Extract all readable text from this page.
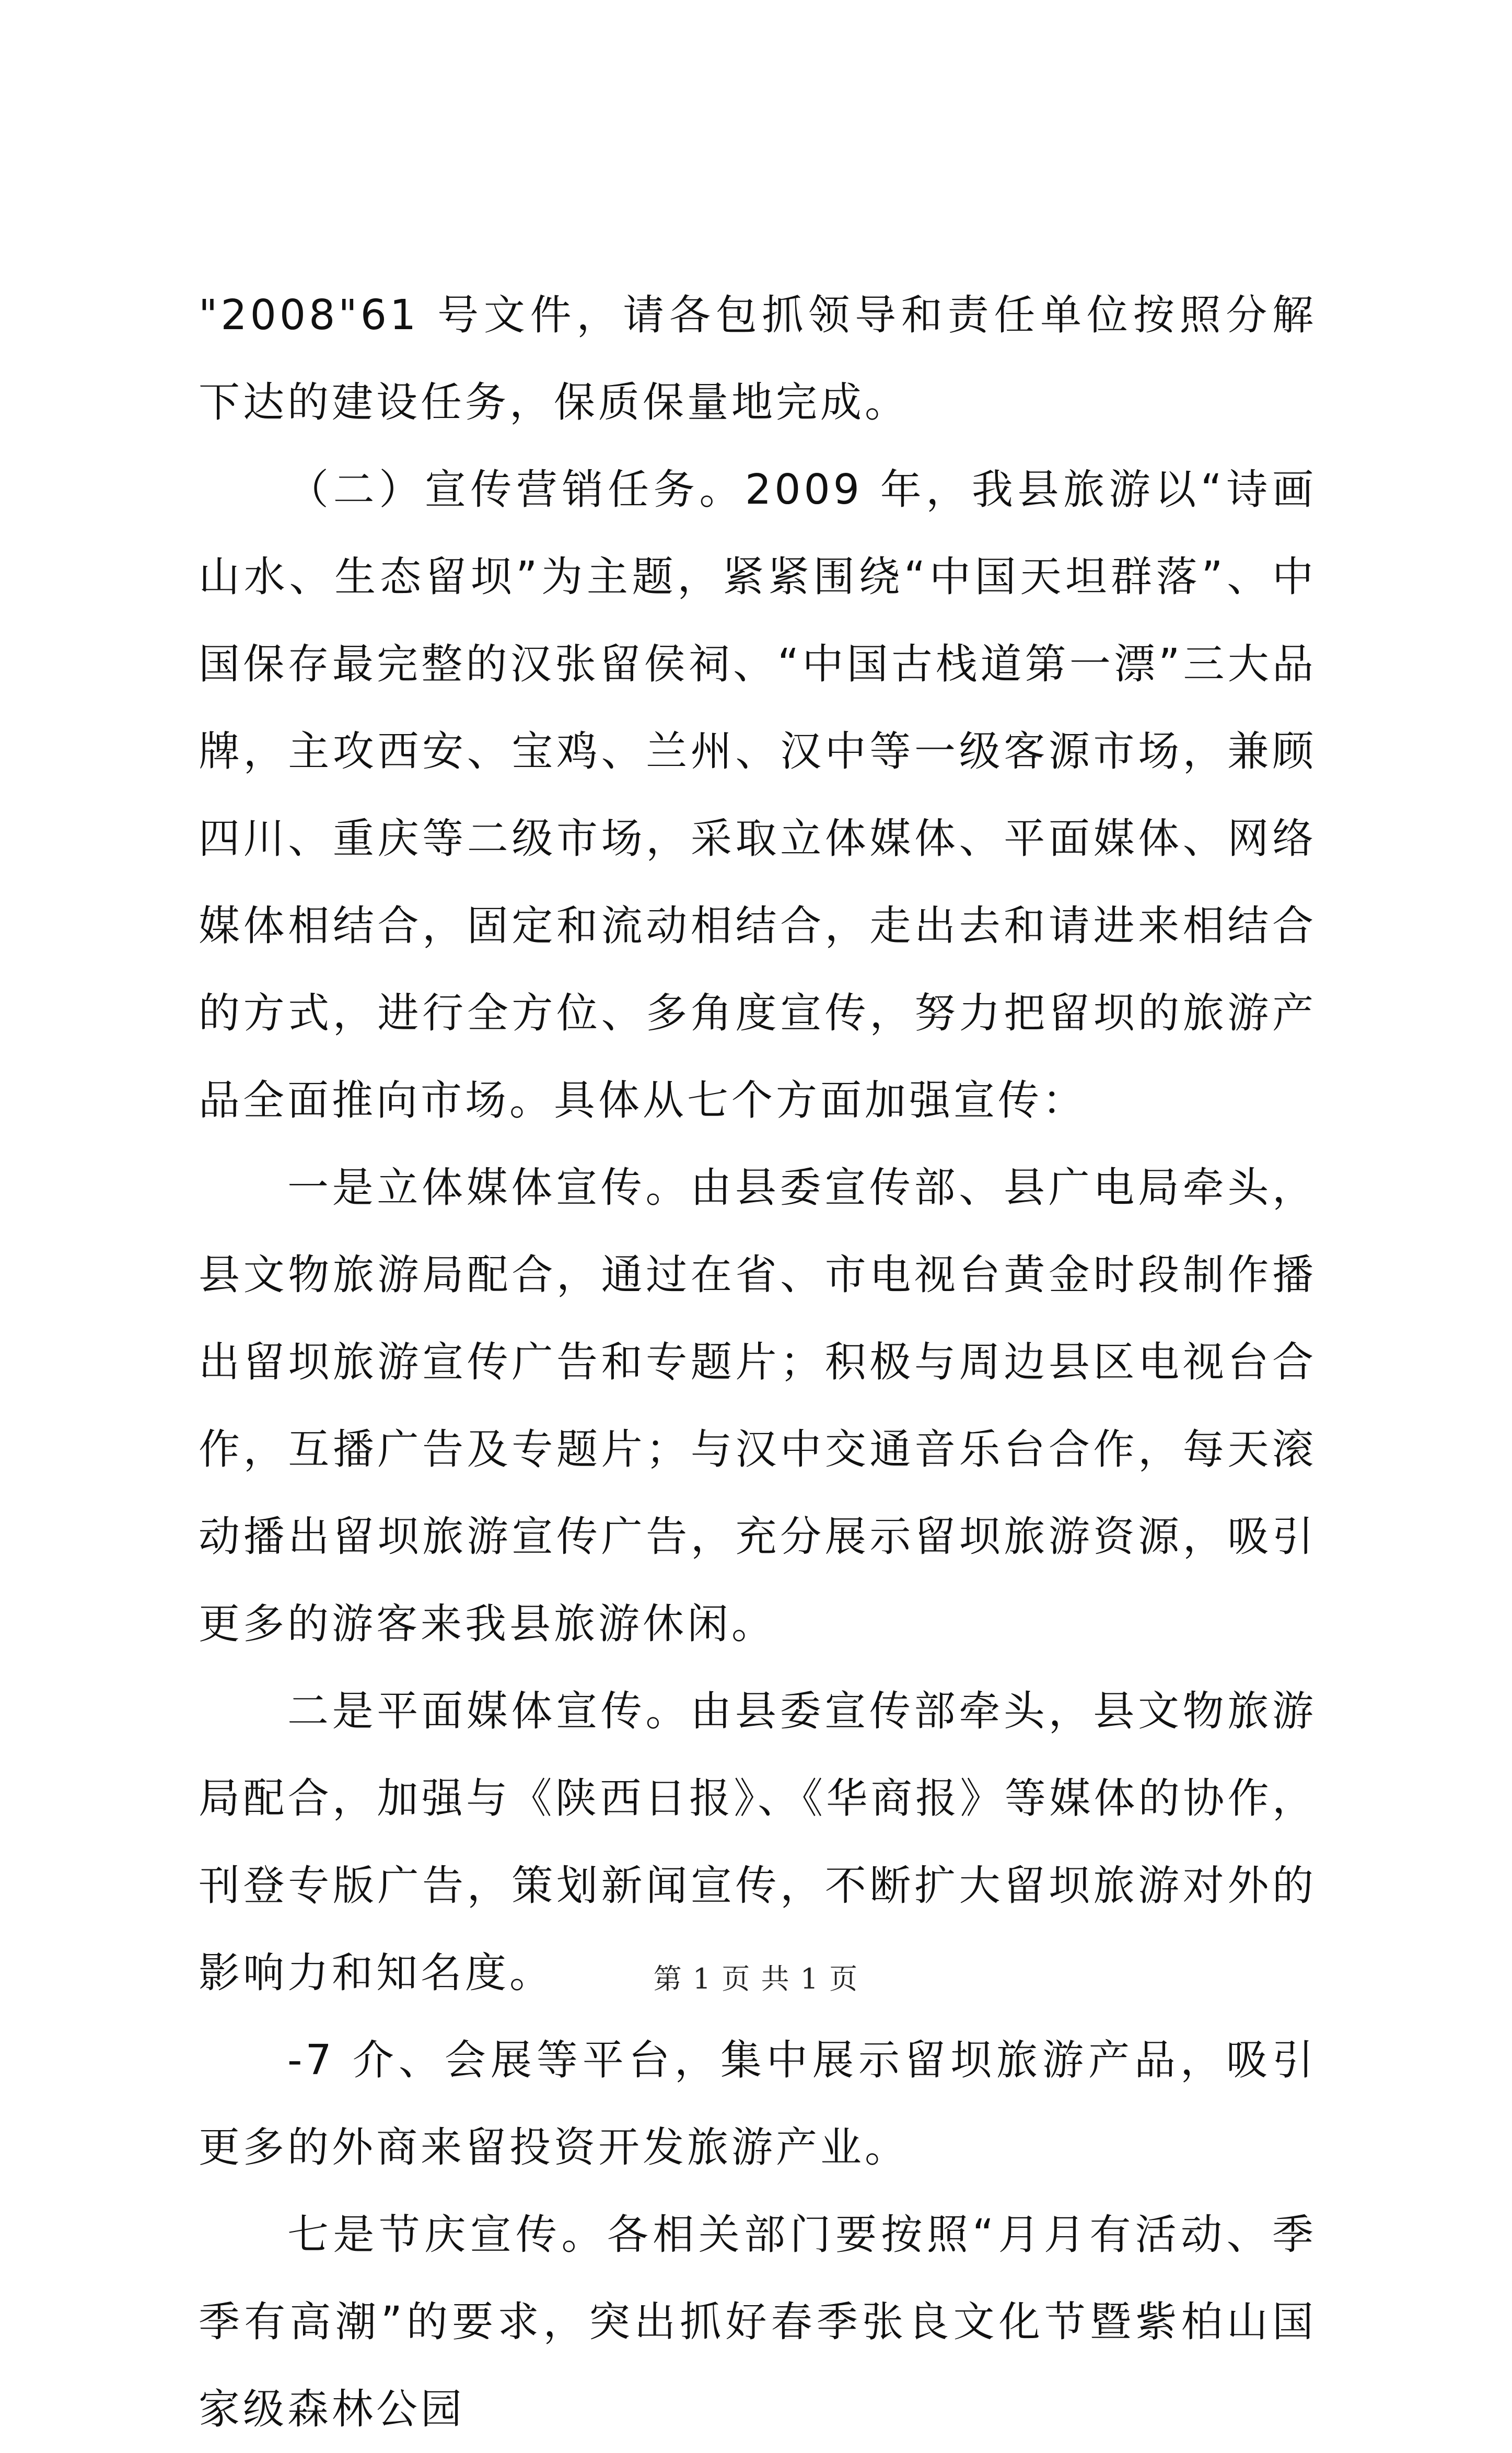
"2008"61 号文件，请各包抓领导和责任单位按照分解下达的建设任务，保质保量地完成。

（二）宣传营销任务。2009 年，我县旅游以“诗画山水、生态留坝”为主题，紧紧围绕“中国天坦群落”、中国保存最完整的汉张留侯祠、“中国古栈道第一漂”三大品牌，主攻西安、宝鸡、兰州、汉中等一级客源市场，兼顾四川、重庆等二级市场，采取立体媒体、平面媒体、网络媒体相结合，固定和流动相结合，走出去和请进来相结合的方式，进行全方位、多角度宣传，努力把留坝的旅游产品全面推向市场。具体从七个方面加强宣传：

一是立体媒体宣传。由县委宣传部、县广电局牵头，县文物旅游局配合，通过在省、市电视台黄金时段制作播出留坝旅游宣传广告和专题片；积极与周边县区电视台合作，互播广告及专题片；与汉中交通音乐台合作，每天滚动播出留坝旅游宣传广告，充分展示留坝旅游资源，吸引更多的游客来我县旅游休闲。

二是平面媒体宣传。由县委宣传部牵头，县文物旅游局配合，加强与《陕西日报》、《华商报》等媒体的协作，刊登专版广告，策划新闻宣传，不断扩大留坝旅游对外的影响力和知名度。

-7 介、会展等平台，集中展示留坝旅游产品，吸引更多的外商来留投资开发旅游产业。

七是节庆宣传。各相关部门要按照“月月有活动、季季有高潮”的要求，突出抓好春季张良文化节暨紫柏山国家级森林公园

第 1 页 共 1 页
